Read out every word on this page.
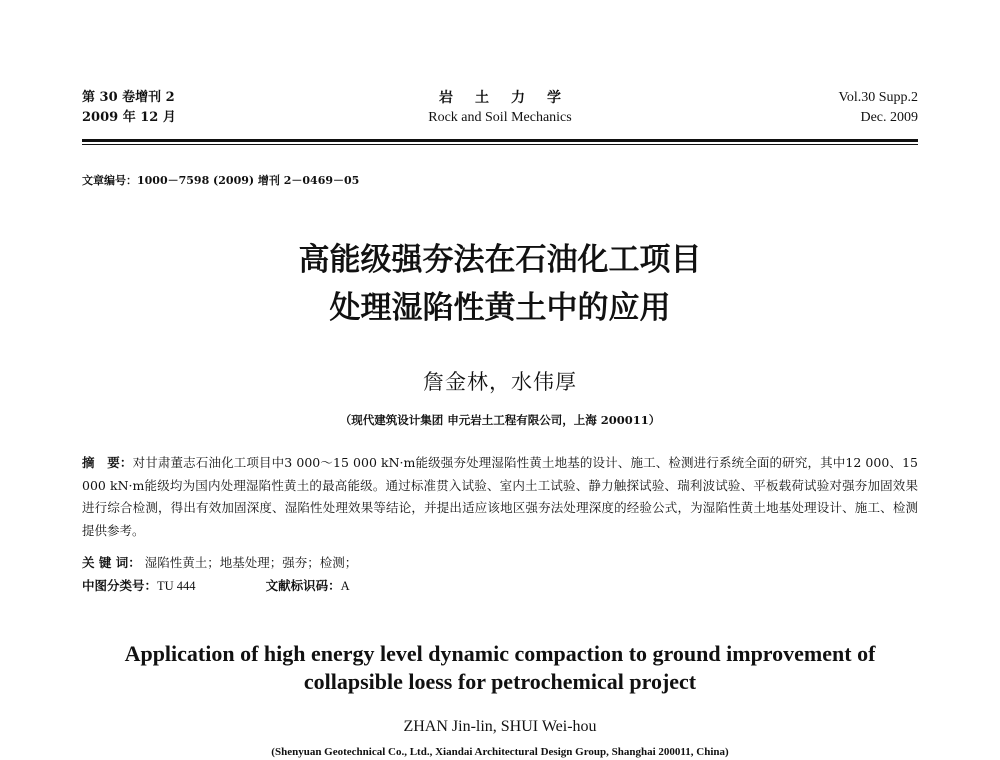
第 30 卷增刊 2
2009 年 12 月
岩土力学
Rock and Soil Mechanics
Vol.30 Supp.2
Dec. 2009
文章编号：1000－7598 (2009) 增刊 2－0469－05
高能级强夯法在石油化工项目
处理湿陷性黄土中的应用
詹金林，水伟厚
（现代建筑设计集团 申元岩土工程有限公司，上海 200011）
摘　要：对甘肃董志石油化工项目中3 000～15 000 kN·m能级强夯处理湿陷性黄土地基的设计、施工、检测进行系统全面的研究，其中12 000、15 000 kN·m能级均为国内处理湿陷性黄土的最高能级。通过标准贯入试验、室内土工试验、静力触探试验、瑞利波试验、平板载荷试验对强夯加固效果进行综合检测，得出有效加固深度、湿陷性处理效果等结论，并提出适应该地区强夯法处理深度的经验公式，为湿陷性黄土地基处理设计、施工、检测提供参考。
关 键 词： 湿陷性黄土；地基处理；强夯；检测；
中图分类号：TU 444	文献标识码：A
Application of high energy level dynamic compaction to ground improvement of
collapsible loess for petrochemical project
ZHAN Jin-lin, SHUI Wei-hou
(Shenyuan Geotechnical Co., Ltd., Xiandai Architectural Design Group, Shanghai 200011, China)
